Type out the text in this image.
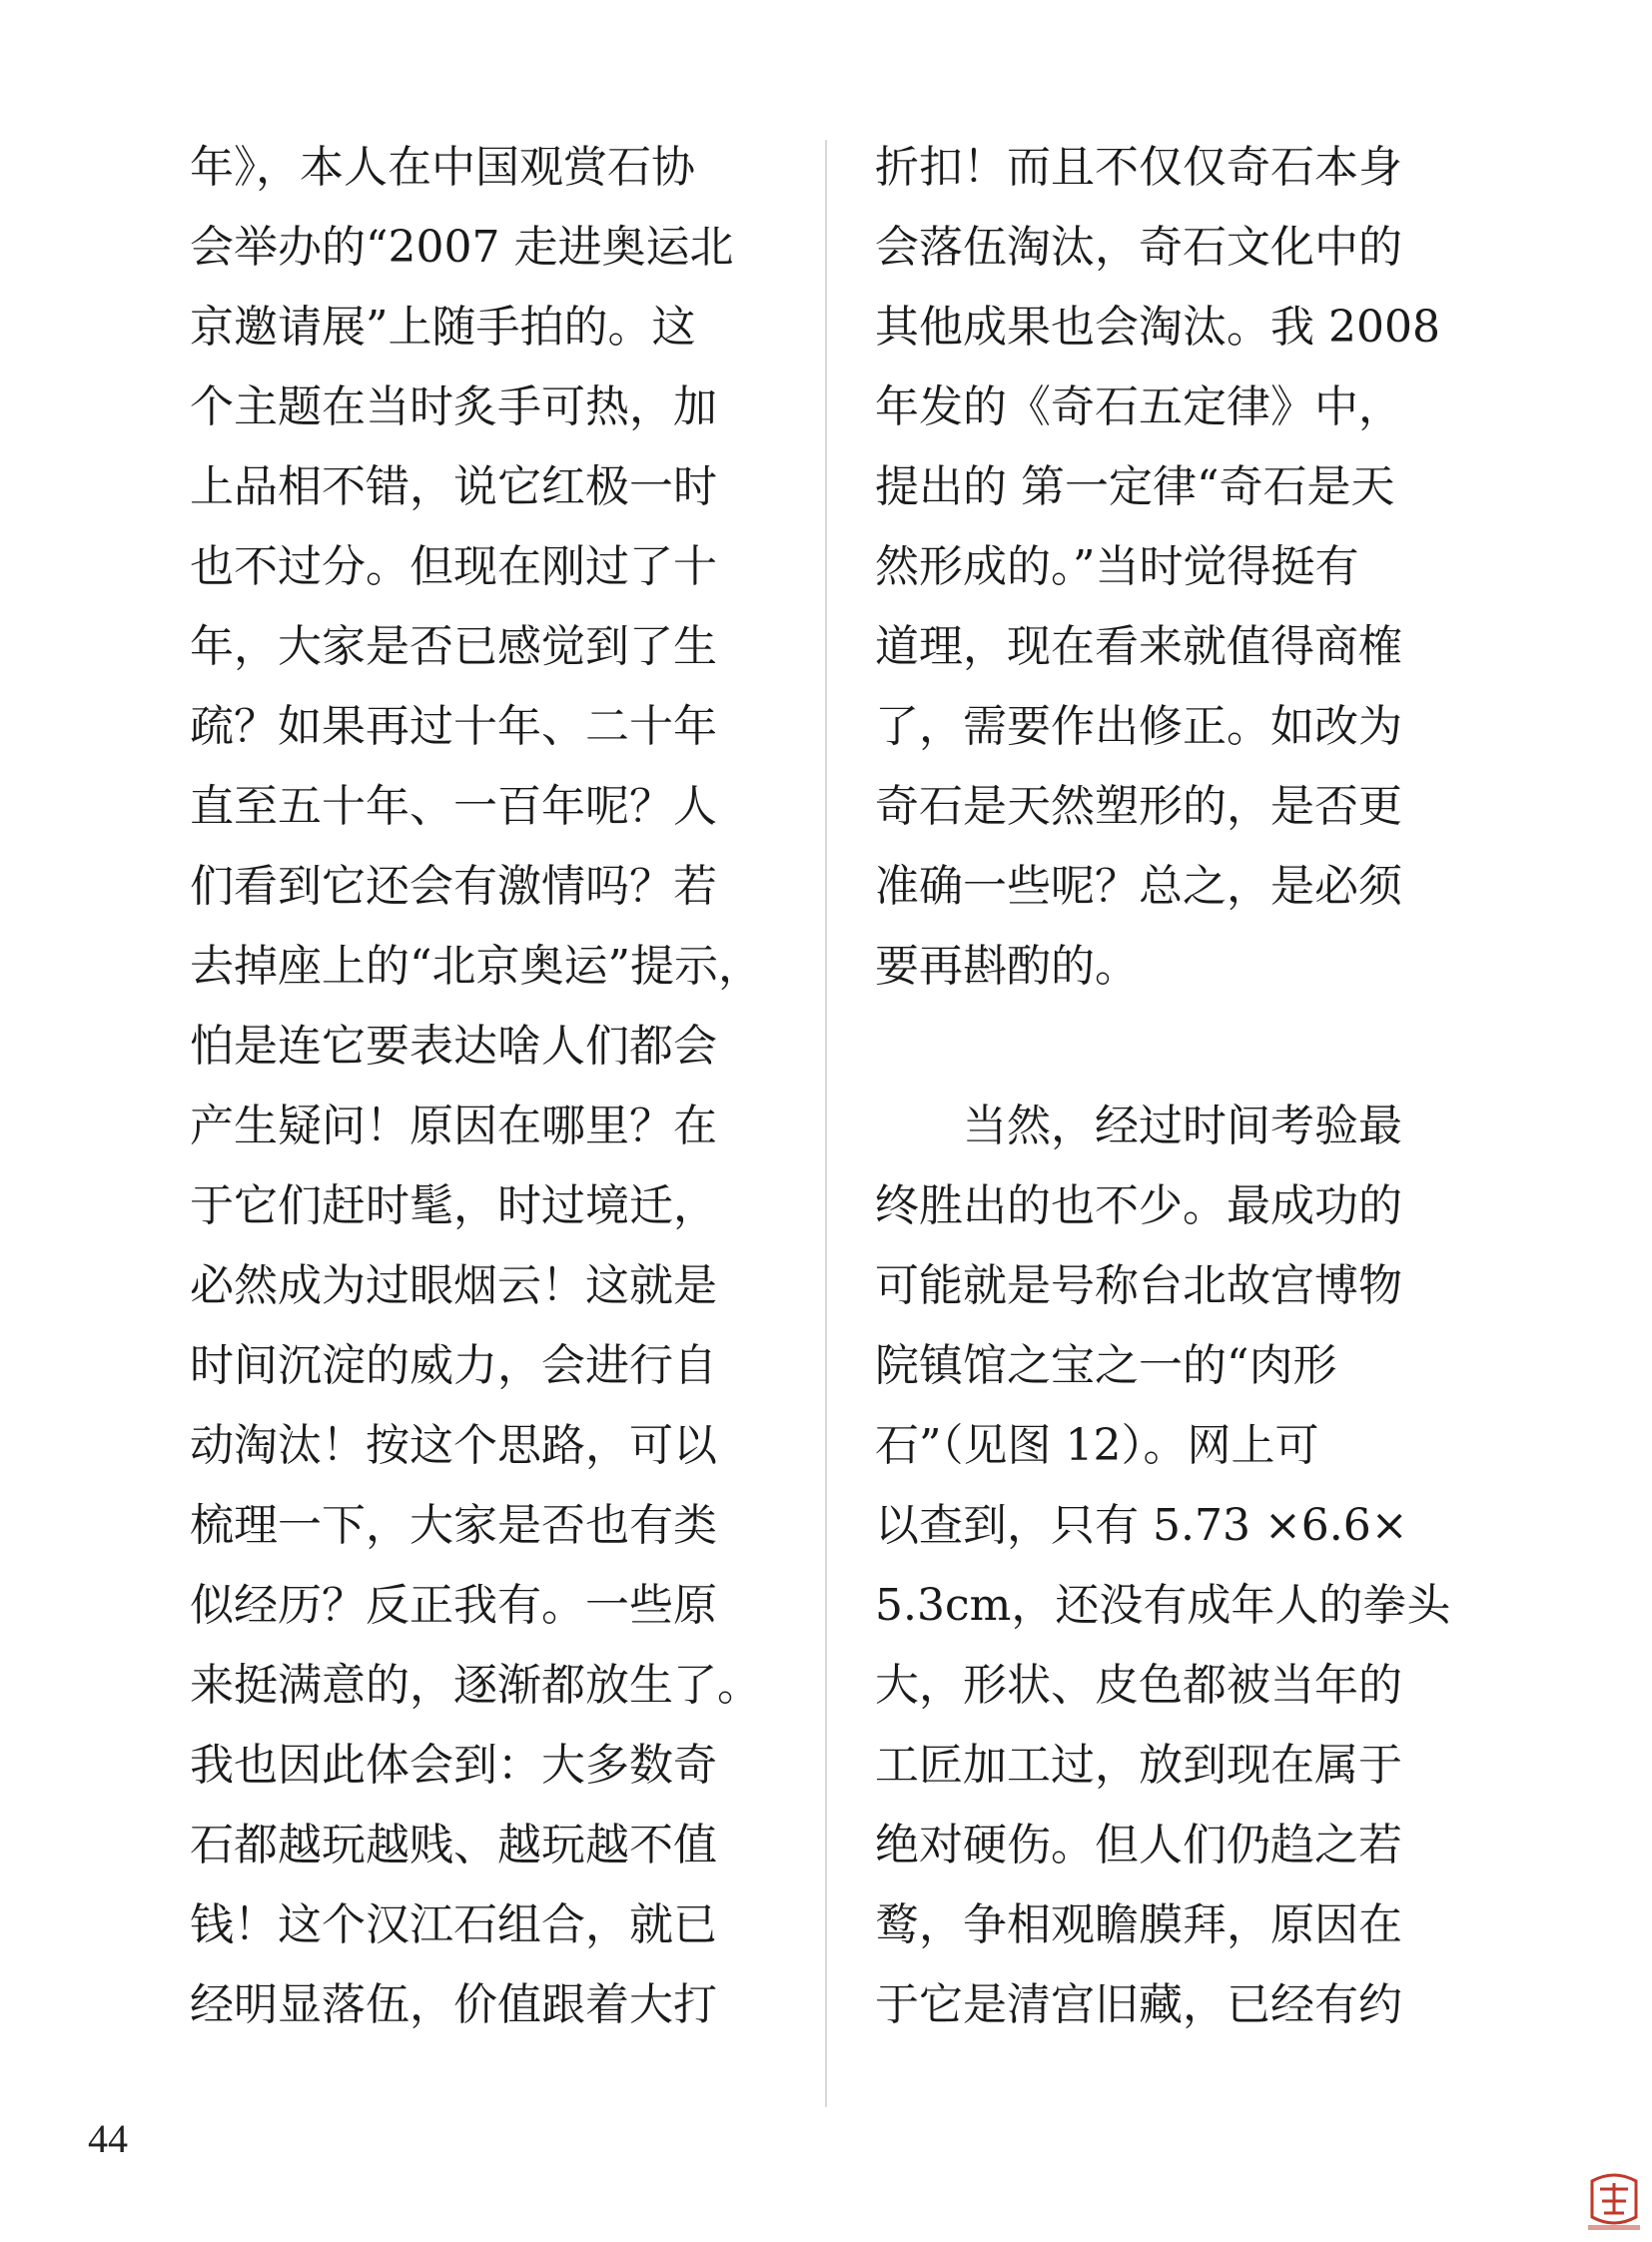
年》，本人在中国观赏石协
会举办的“2007 走进奥运北
京邀请展”上随手拍的。这
个主题在当时炙手可热，加
上品相不错，说它红极一时
也不过分。但现在刚过了十
年，大家是否已感觉到了生
疏？如果再过十年、二十年
直至五十年、一百年呢？人
们看到它还会有激情吗？若
去掉座上的“北京奥运”提示，
怕是连它要表达啥人们都会
产生疑问！原因在哪里？在
于它们赶时髦，时过境迁，
必然成为过眼烟云！这就是
时间沉淀的威力，会进行自
动淘汰！按这个思路，可以
梳理一下，大家是否也有类
似经历？反正我有。一些原
来挺满意的，逐渐都放生了。
我也因此体会到：大多数奇
石都越玩越贱、越玩越不值
钱！这个汉江石组合，就已
经明显落伍，价值跟着大打
折扣！而且不仅仅奇石本身
会落伍淘汰，奇石文化中的
其他成果也会淘汰。我 2008
年发的《奇石五定律》中，
提出的 第一定律“奇石是天
然形成的。”当时觉得挺有
道理，现在看来就值得商榷
了，需要作出修正。如改为
奇石是天然塑形的，是否更
准确一些呢？总之，是必须
要再斟酌的。
当然，经过时间考验最
终胜出的也不少。最成功的
可能就是号称台北故宫博物
院镇馆之宝之一的“肉形
石”（见图 12）。网上可
以查到，只有 5.73 ×6.6×
5.3cm，还没有成年人的拳头
大，形状、皮色都被当年的
工匠加工过，放到现在属于
绝对硬伤。但人们仍趋之若
鹜，争相观瞻膜拜，原因在
于它是清宫旧藏，已经有约
44
